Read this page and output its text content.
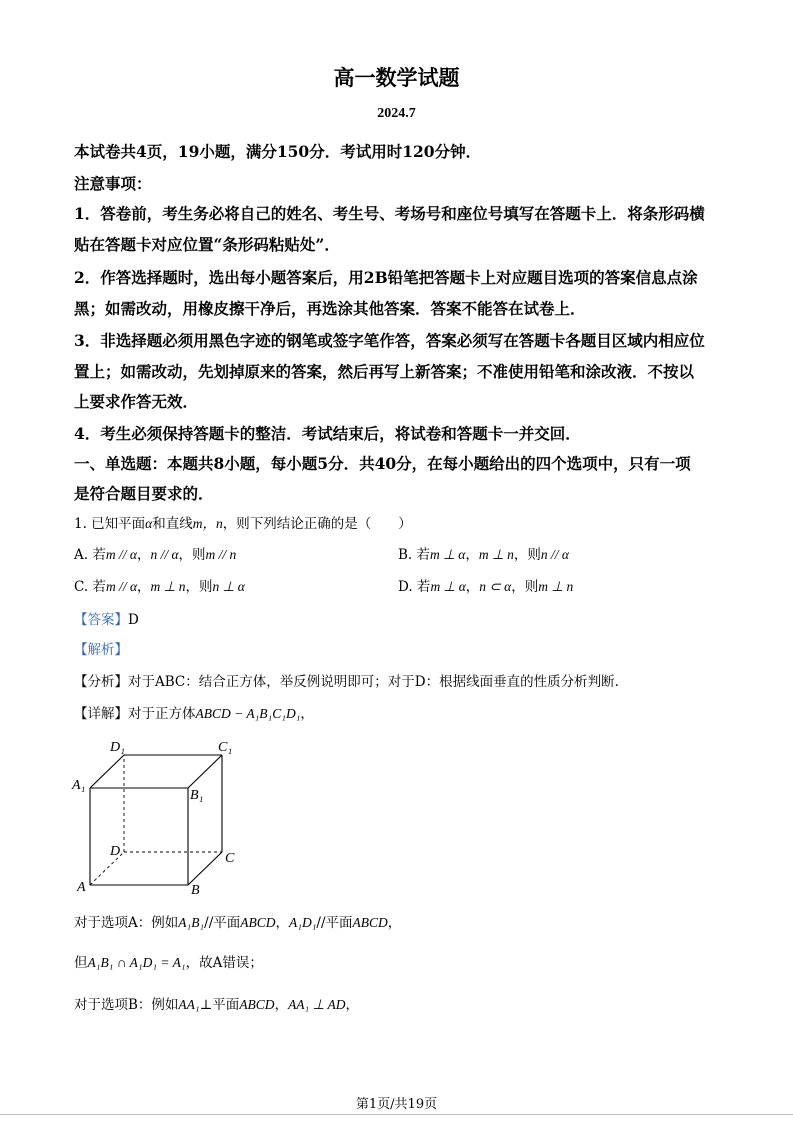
高一数学试题
2024.7
本试卷共4页，19小题，满分150分．考试用时120分钟．
注意事项：
1．答卷前，考生务必将自己的姓名、考生号、考场号和座位号填写在答题卡上．将条形码横
贴在答题卡对应位置“条形码粘贴处”．
2．作答选择题时，选出每小题答案后，用2B铅笔把答题卡上对应题目选项的答案信息点涂
黑；如需改动，用橡皮擦干净后，再选涂其他答案．答案不能答在试卷上．
3．非选择题必须用黑色字迹的钢笔或签字笔作答，答案必须写在答题卡各题目区域内相应位
置上；如需改动，先划掉原来的答案，然后再写上新答案；不准使用铅笔和涂改液．不按以
上要求作答无效．
4．考生必须保持答题卡的整洁．考试结束后，将试卷和答题卡一并交回．
一、单选题：本题共8小题，每小题5分．共40分，在每小题给出的四个选项中，只有一项
是符合题目要求的．
1. 已知平面α和直线m，n，则下列结论正确的是（　　）
A. 若m // α，n // α，则m // n	B. 若m ⊥ α，m ⊥ n，则n // α
C. 若m // α，m ⊥ n，则n ⊥ α	D. 若m ⊥ α，n ⊂ α，则m ⊥ n
【答案】D
【解析】
【分析】对于ABC：结合正方体，举反例说明即可；对于D：根据线面垂直的性质分析判断.
【详解】对于正方体ABCD − A₁B₁C₁D₁，
D₁	C₁
A₁
B₁
D	C
A	B
对于选项A：例如A₁B₁//平面ABCD，A₁D₁//平面ABCD，
但A₁B₁ ∩ A₁D₁ = A₁，故A错误；
对于选项B：例如AA₁⊥平面ABCD，AA₁ ⊥ AD，
第1页/共19页
